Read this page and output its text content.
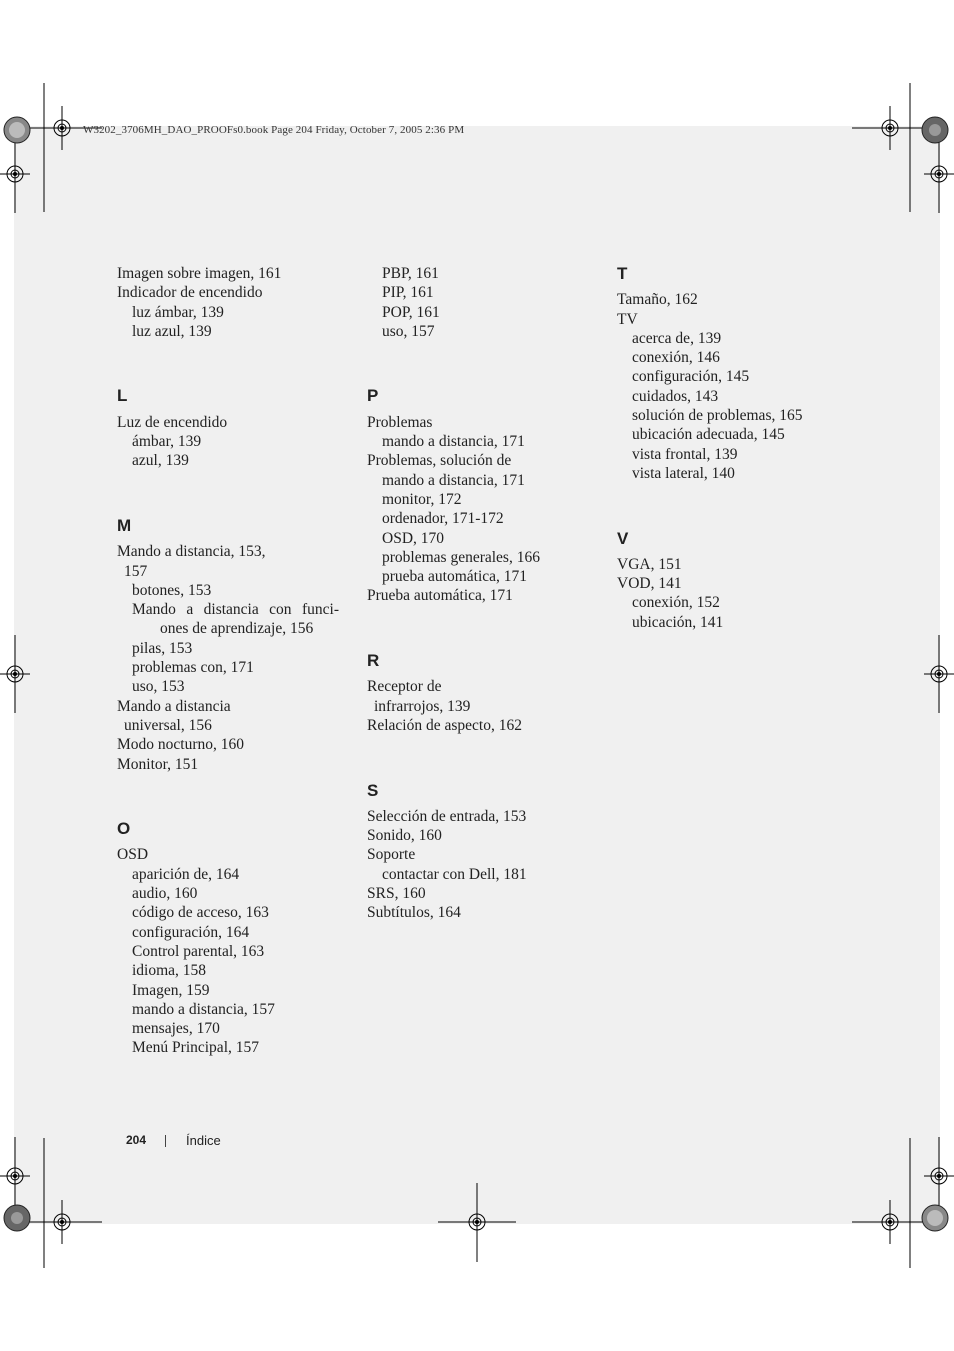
W3202_3706MH_DAO_PROOFs0.book Page 204 Friday, October 7, 2005 2:36 PM
Imagen sobre imagen, 161
Indicador de encendido
luz ámbar, 139
luz azul, 139
L
Luz de encendido
ámbar, 139
azul, 139
M
Mando a distancia, 153,
157
botones, 153
Mando a distancia con funci-
ones de aprendizaje, 156
pilas, 153
problemas con, 171
uso, 153
Mando a distancia
universal, 156
Modo nocturno, 160
Monitor, 151
O
OSD
aparición de, 164
audio, 160
código de acceso, 163
configuración, 164
Control parental, 163
idioma, 158
Imagen, 159
mando a distancia, 157
mensajes, 170
Menú Principal, 157
PBP, 161
PIP, 161
POP, 161
uso, 157
P
Problemas
mando a distancia, 171
Problemas, solución de
mando a distancia, 171
monitor, 172
ordenador, 171-172
OSD, 170
problemas generales, 166
prueba automática, 171
Prueba automática, 171
R
Receptor de
infrarrojos, 139
Relación de aspecto, 162
S
Selección de entrada, 153
Sonido, 160
Soporte
contactar con Dell, 181
SRS, 160
Subtítulos, 164
T
Tamaño, 162
TV
acerca de, 139
conexión, 146
configuración, 145
cuidados, 143
solución de problemas, 165
ubicación adecuada, 145
vista frontal, 139
vista lateral, 140
V
VGA, 151
VOD, 141
conexión, 152
ubicación, 141
204	Índice
